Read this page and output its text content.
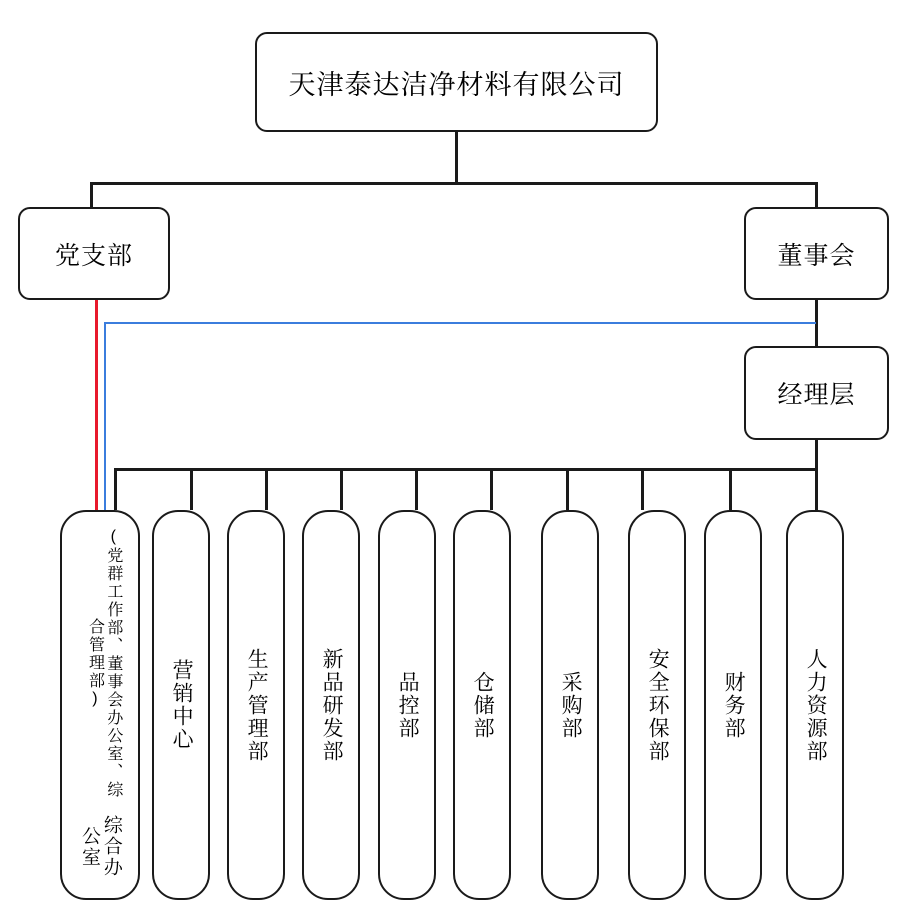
天津泰达洁净材料有限公司
党支部	董事会
经理层
(党群工作部、董事会办公室、综合管理部)
综合办公室
营销中心 生产管理部 新品研发部	品控部 仓储部	采购部	安全环保部	财务部	人力资源部
